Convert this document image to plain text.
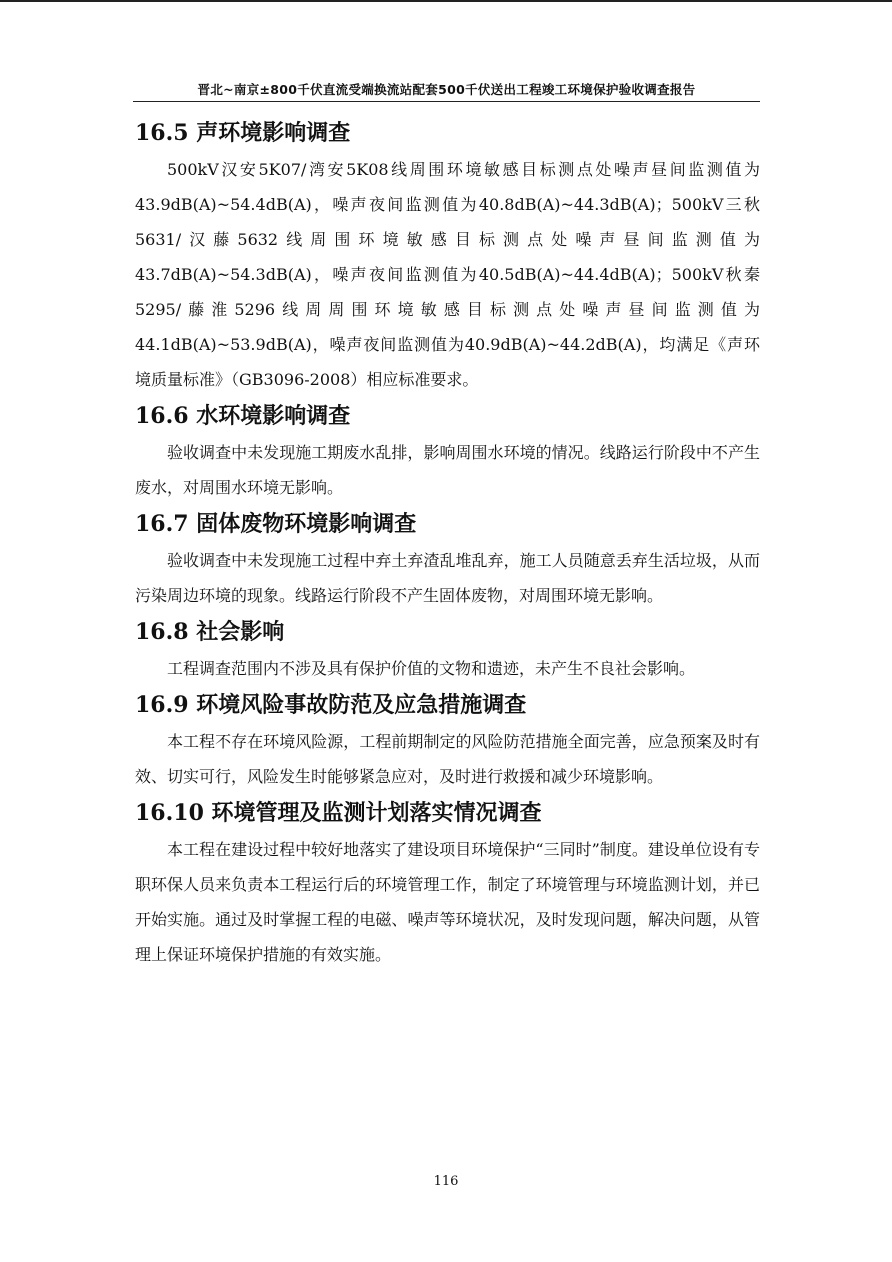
晋北~南京±800千伏直流受端换流站配套500千伏送出工程竣工环境保护验收调查报告
16.5 声环境影响调查

500kV汉安5K07/湾安5K08线周围环境敏感目标测点处噪声昼间监测值为43.9dB(A)~54.4dB(A)，噪声夜间监测值为40.8dB(A)~44.3dB(A)；500kV三秋5631/汉藤5632线周围环境敏感目标测点处噪声昼间监测值为43.7dB(A)~54.3dB(A)，噪声夜间监测值为40.5dB(A)~44.4dB(A)；500kV秋秦5295/藤淮5296线周周围环境敏感目标测点处噪声昼间监测值为44.1dB(A)~53.9dB(A)，噪声夜间监测值为40.9dB(A)~44.2dB(A)，均满足《声环境质量标准》（GB3096-2008）相应标准要求。

16.6 水环境影响调查

验收调查中未发现施工期废水乱排，影响周围水环境的情况。线路运行阶段中不产生废水，对周围水环境无影响。

16.7 固体废物环境影响调查

验收调查中未发现施工过程中弃土弃渣乱堆乱弃，施工人员随意丢弃生活垃圾，从而污染周边环境的现象。线路运行阶段不产生固体废物，对周围环境无影响。

16.8 社会影响

工程调查范围内不涉及具有保护价值的文物和遗迹，未产生不良社会影响。

16.9 环境风险事故防范及应急措施调查

本工程不存在环境风险源，工程前期制定的风险防范措施全面完善，应急预案及时有效、切实可行，风险发生时能够紧急应对，及时进行救援和减少环境影响。

16.10 环境管理及监测计划落实情况调查

本工程在建设过程中较好地落实了建设项目环境保护“三同时”制度。建设单位设有专职环保人员来负责本工程运行后的环境管理工作，制定了环境管理与环境监测计划，并已开始实施。通过及时掌握工程的电磁、噪声等环境状况，及时发现问题，解决问题，从管理上保证环境保护措施的有效实施。

116
